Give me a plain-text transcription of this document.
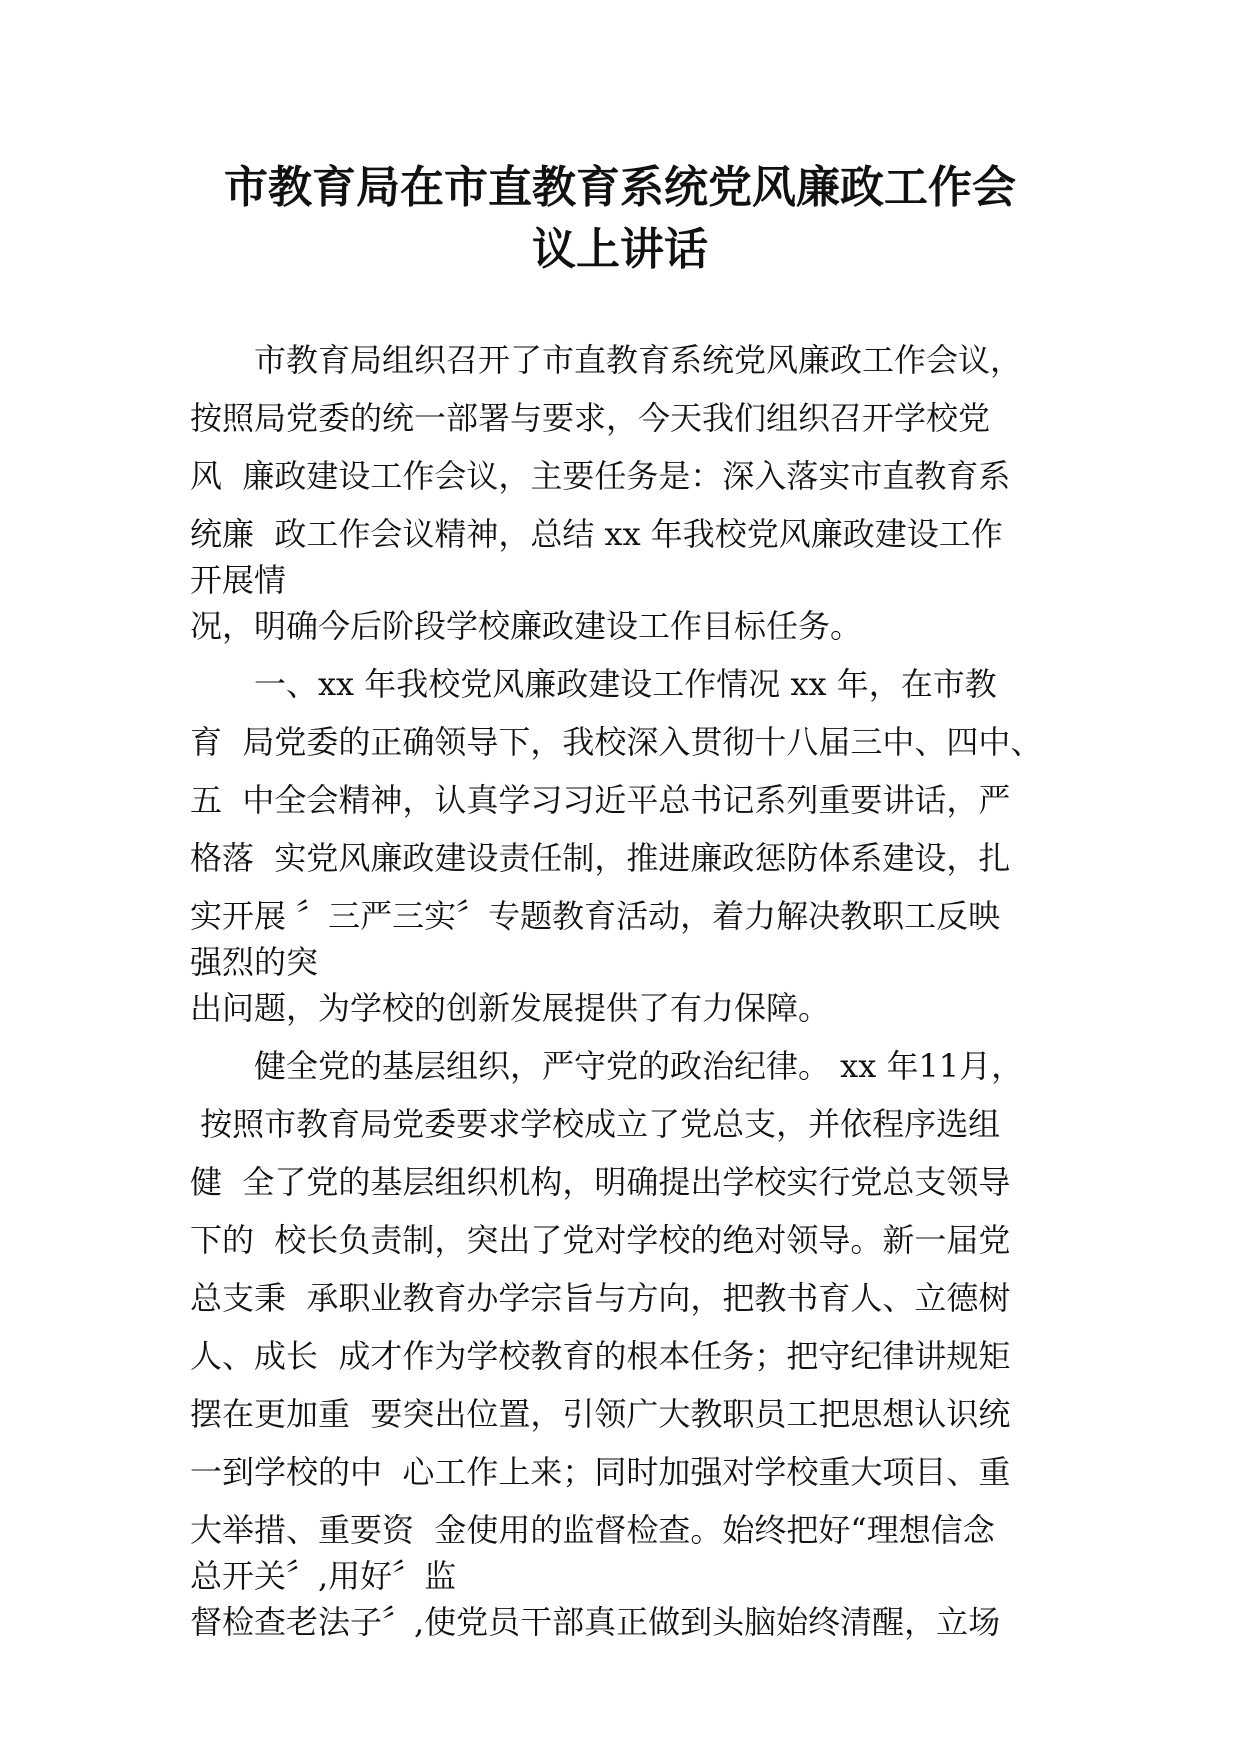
市教育局在市直教育系统党风廉政工作会
议上讲话

　　市教育局组织召开了市直教育系统党风廉政工作会议，

按照局党委的统一部署与要求，今天我们组织召开学校党

风  廉政建设工作会议，主要任务是：深入落实市直教育系

统廉  政工作会议精神，总结 xx 年我校党风廉政建设工作

开展情

况，明确今后阶段学校廉政建设工作目标任务。

　　一、xx 年我校党风廉政建设工作情况 xx 年，在市教

育  局党委的正确领导下，我校深入贯彻十八届三中、四中、

五  中全会精神，认真学习习近平总书记系列重要讲话，严

格落  实党风廉政建设责任制，推进廉政惩防体系建设，扎

实开展 〞三严三实〞专题教育活动，着力解决教职工反映

强烈的突

出问题，为学校的创新发展提供了有力保障。

　　健全党的基层组织，严守党的政治纪律。 xx 年11月，

按照市教育局党委要求学校成立了党总支，并依程序选组

健  全了党的基层组织机构，明确提出学校实行党总支领导

下的  校长负责制，突出了党对学校的绝对领导。新一届党

总支秉  承职业教育办学宗旨与方向，把教书育人、立德树

人、成长  成才作为学校教育的根本任务；把守纪律讲规矩

摆在更加重  要突出位置，引领广大教职员工把思想认识统

一到学校的中  心工作上来；同时加强对学校重大项目、重

大举措、重要资  金使用的监督检查。始终把好“理想信念

总开关〞,用好〞监

督检查老法子〞,使党员干部真正做到头脑始终清醒，立场
